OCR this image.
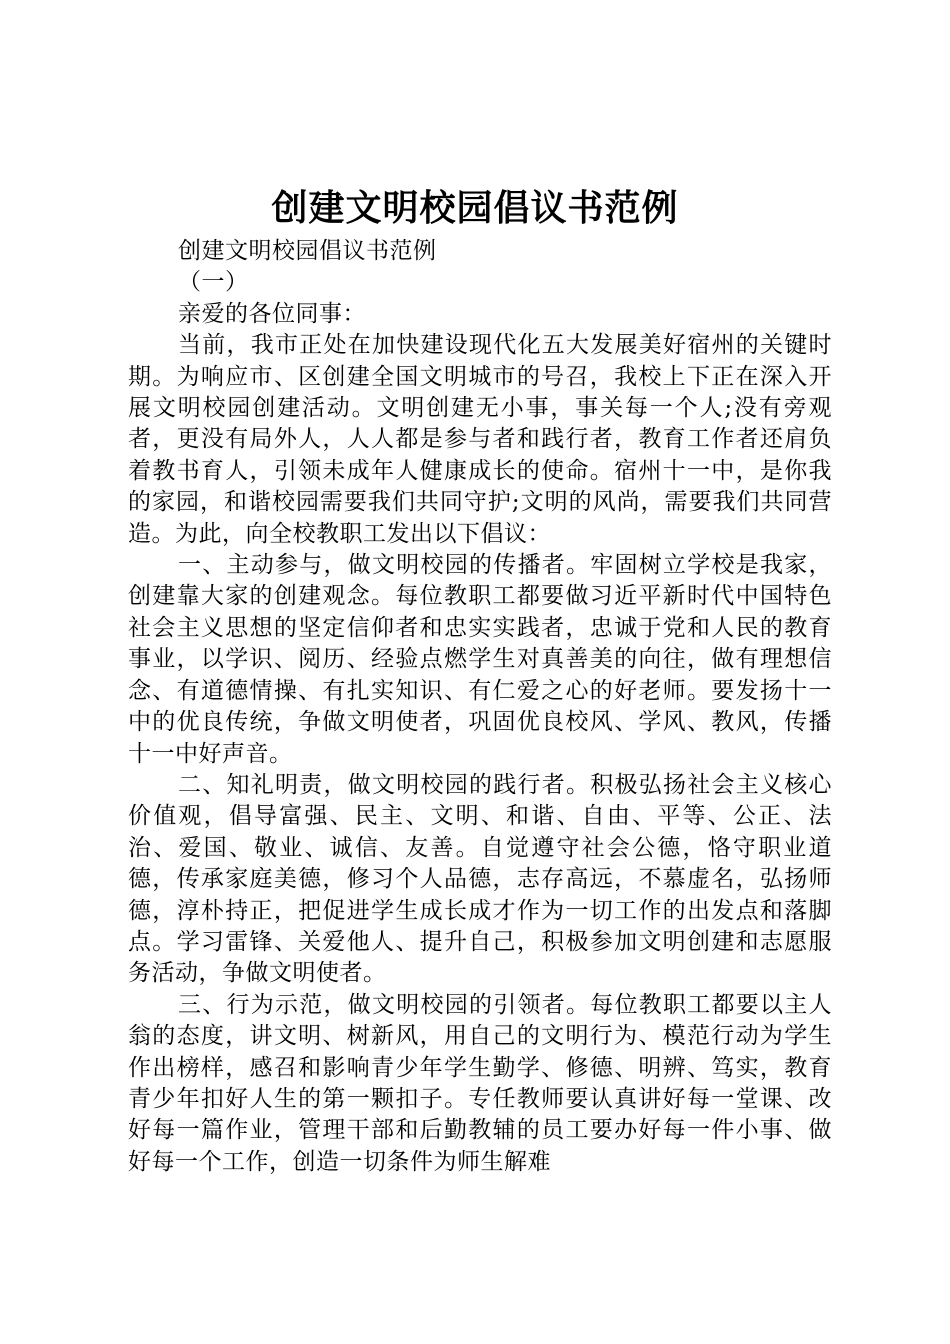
创建文明校园倡议书范例

创建文明校园倡议书范例

（一）

亲爱的各位同事：

当前，我市正处在加快建设现代化五大发展美好宿州的关键时期。为响应市、区创建全国文明城市的号召，我校上下正在深入开展文明校园创建活动。文明创建无小事，事关每一个人;没有旁观者，更没有局外人，人人都是参与者和践行者，教育工作者还肩负着教书育人，引领未成年人健康成长的使命。宿州十一中，是你我的家园，和谐校园需要我们共同守护;文明的风尚，需要我们共同营造。为此，向全校教职工发出以下倡议：

一、主动参与，做文明校园的传播者。牢固树立学校是我家，创建靠大家的创建观念。每位教职工都要做习近平新时代中国特色社会主义思想的坚定信仰者和忠实实践者，忠诚于党和人民的教育事业，以学识、阅历、经验点燃学生对真善美的向往，做有理想信念、有道德情操、有扎实知识、有仁爱之心的好老师。要发扬十一中的优良传统，争做文明使者，巩固优良校风、学风、教风，传播十一中好声音。

二、知礼明责，做文明校园的践行者。积极弘扬社会主义核心价值观，倡导富强、民主、文明、和谐、自由、平等、公正、法治、爱国、敬业、诚信、友善。自觉遵守社会公德，恪守职业道德，传承家庭美德，修习个人品德，志存高远，不慕虚名，弘扬师德，淳朴持正，把促进学生成长成才作为一切工作的出发点和落脚点。学习雷锋、关爱他人、提升自己，积极参加文明创建和志愿服务活动，争做文明使者。

三、行为示范，做文明校园的引领者。每位教职工都要以主人翁的态度，讲文明、树新风，用自己的文明行为、模范行动为学生作出榜样，感召和影响青少年学生勤学、修德、明辨、笃实，教育青少年扣好人生的第一颗扣子。专任教师要认真讲好每一堂课、改好每一篇作业，管理干部和后勤教辅的员工要办好每一件小事、做好每一个工作，创造一切条件为师生解难
